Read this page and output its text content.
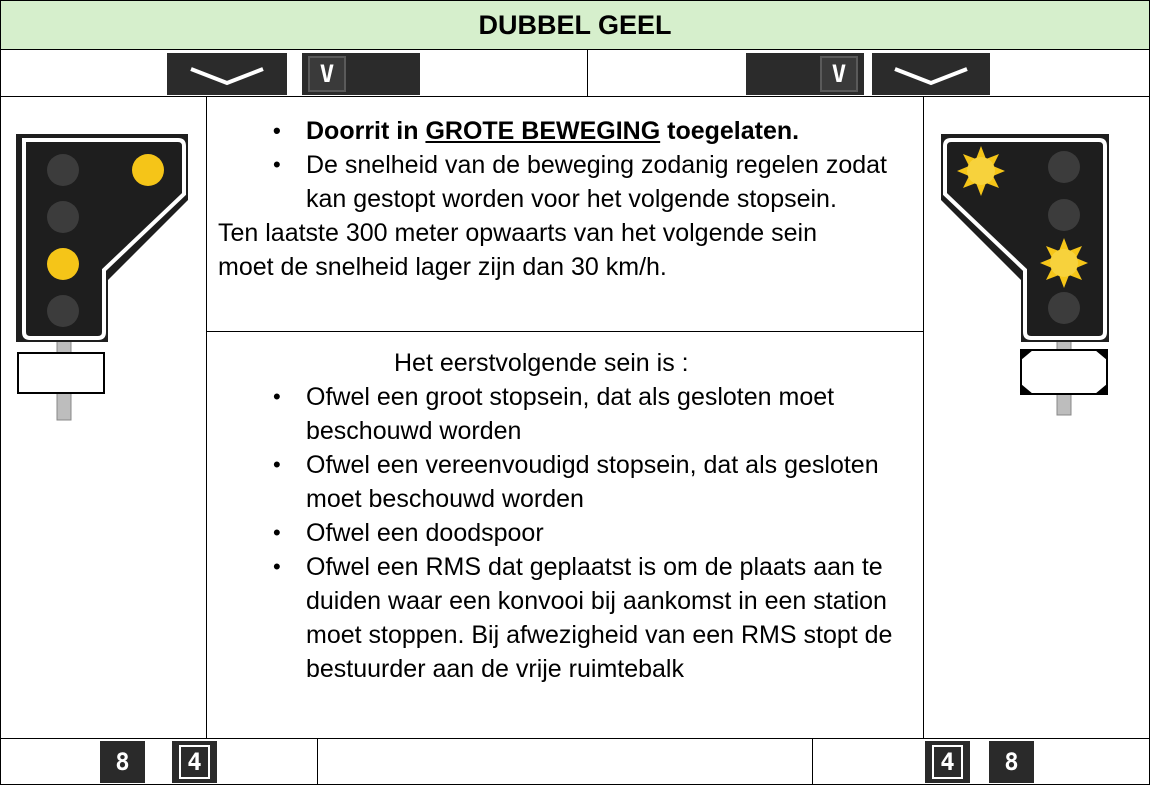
DUBBEL GEEL
V	V
• Doorrit in GROTE BEWEGING toegelaten.
• De snelheid van de beweging zodanig regelen zodat kan gestopt worden voor het volgende stopsein.
Ten laatste 300 meter opwaarts van het volgende sein moet de snelheid lager zijn dan 30 km/h.
Het eerstvolgende sein is :
• Ofwel een groot stopsein, dat als gesloten moet beschouwd worden
• Ofwel een vereenvoudigd stopsein, dat als gesloten moet beschouwd worden
• Ofwel een doodspoor
• Ofwel een RMS dat geplaatst is om de plaats aan te duiden waar een konvooi bij aankomst in een station moet stoppen. Bij afwezigheid van een RMS stopt de bestuurder aan de vrije ruimtebalk
8	4	4	8
